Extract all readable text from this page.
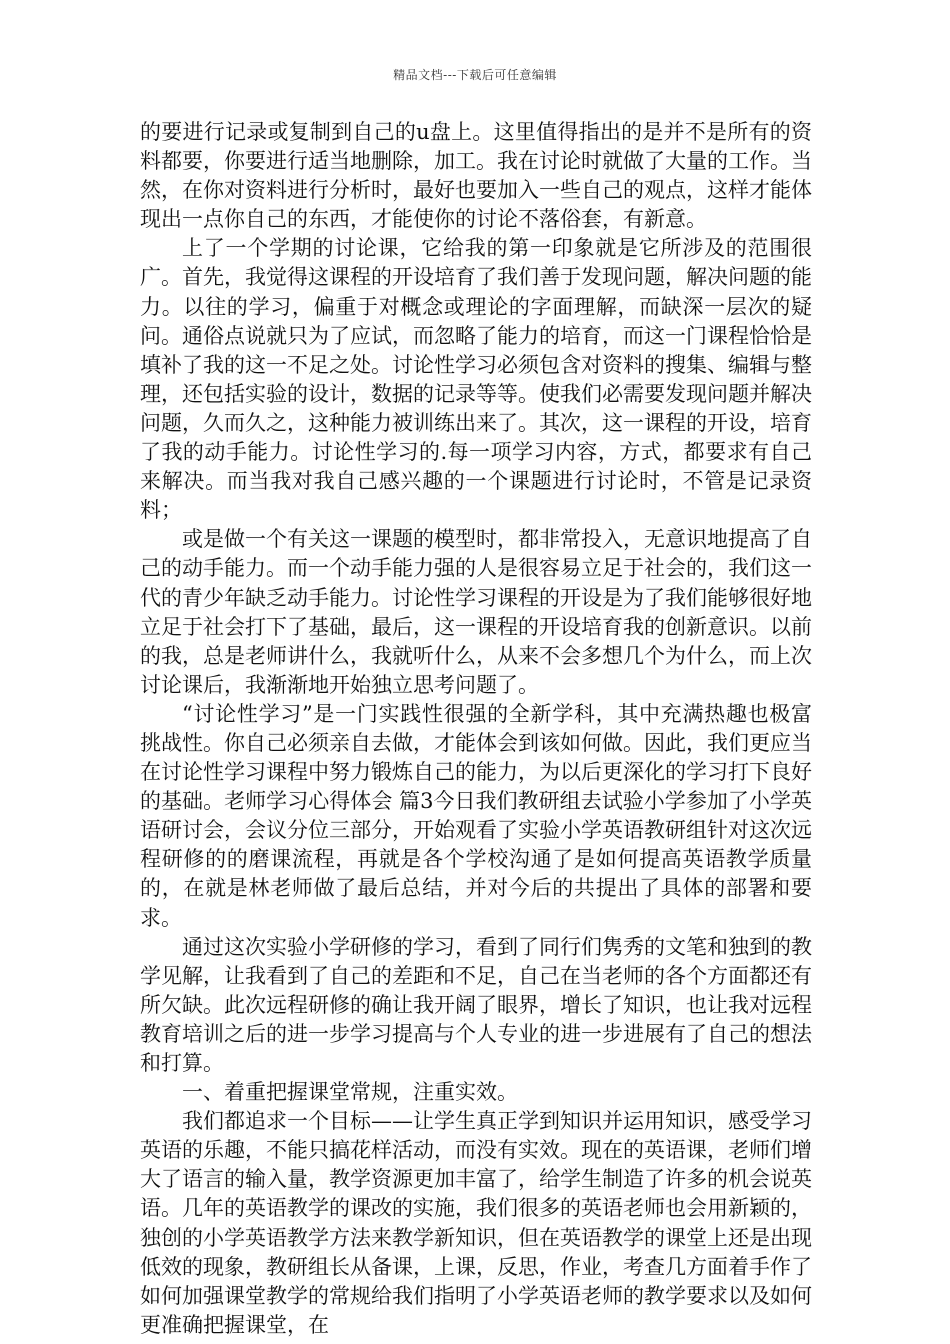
精品文档---下载后可任意编辑

的要进行记录或复制到自己的u盘上。这里值得指出的是并不是所有的资料都要，你要进行适当地删除，加工。我在讨论时就做了大量的工作。当然，在你对资料进行分析时，最好也要加入一些自己的观点，这样才能体现出一点你自己的东西，才能使你的讨论不落俗套，有新意。

上了一个学期的讨论课，它给我的第一印象就是它所涉及的范围很广。首先，我觉得这课程的开设培育了我们善于发现问题，解决问题的能力。以往的学习，偏重于对概念或理论的字面理解，而缺深一层次的疑问。通俗点说就只为了应试，而忽略了能力的培育，而这一门课程恰恰是填补了我的这一不足之处。讨论性学习必须包含对资料的搜集、编辑与整理，还包括实验的设计，数据的记录等等。使我们必需要发现问题并解决问题，久而久之，这种能力被训练出来了。其次，这一课程的开设，培育了我的动手能力。讨论性学习的.每一项学习内容，方式，都要求有自己来解决。而当我对我自己感兴趣的一个课题进行讨论时，不管是记录资料；

或是做一个有关这一课题的模型时，都非常投入，无意识地提高了自己的动手能力。而一个动手能力强的人是很容易立足于社会的，我们这一代的青少年缺乏动手能力。讨论性学习课程的开设是为了我们能够很好地立足于社会打下了基础，最后，这一课程的开设培育我的创新意识。以前的我，总是老师讲什么，我就听什么，从来不会多想几个为什么，而上次讨论课后，我渐渐地开始独立思考问题了。

“讨论性学习”是一门实践性很强的全新学科，其中充满热趣也极富挑战性。你自己必须亲自去做，才能体会到该如何做。因此，我们更应当在讨论性学习课程中努力锻炼自己的能力，为以后更深化的学习打下良好的基础。老师学习心得体会 篇3今日我们教研组去试验小学参加了小学英语研讨会，会议分位三部分，开始观看了实验小学英语教研组针对这次远程研修的的磨课流程，再就是各个学校沟通了是如何提高英语教学质量的，在就是林老师做了最后总结，并对今后的共提出了具体的部署和要求。

通过这次实验小学研修的学习，看到了同行们隽秀的文笔和独到的教学见解，让我看到了自己的差距和不足，自己在当老师的各个方面都还有所欠缺。此次远程研修的确让我开阔了眼界，增长了知识，也让我对远程教育培训之后的进一步学习提高与个人专业的进一步进展有了自己的想法和打算。

一、着重把握课堂常规，注重实效。

我们都追求一个目标——让学生真正学到知识并运用知识，感受学习英语的乐趣，不能只搞花样活动，而没有实效。现在的英语课，老师们增大了语言的输入量，教学资源更加丰富了，给学生制造了许多的机会说英语。几年的英语教学的课改的实施，我们很多的英语老师也会用新颖的，独创的小学英语教学方法来教学新知识，但在英语教学的课堂上还是出现低效的现象，教研组长从备课，上课，反思，作业，考查几方面着手作了如何加强课堂教学的常规给我们指明了小学英语老师的教学要求以及如何更准确把握课堂，在
